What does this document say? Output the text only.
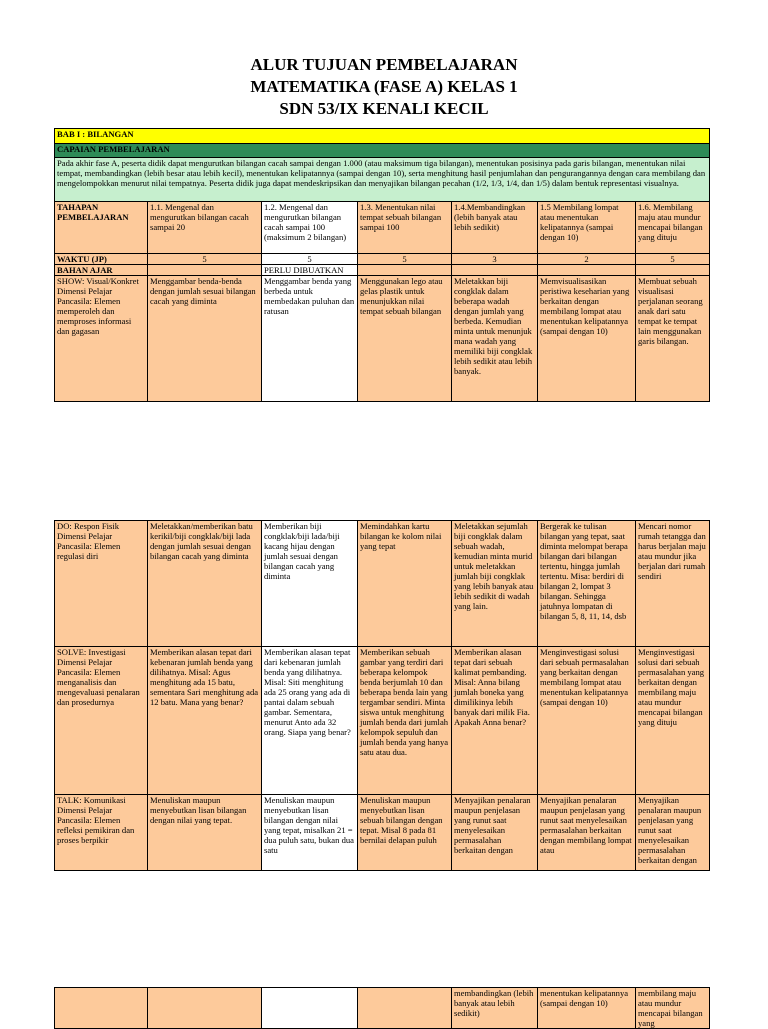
ALUR TUJUAN PEMBELAJARAN
MATEMATIKA (FASE A) KELAS 1
SDN 53/IX KENALI KECIL
BAB I : BILANGAN						
CAPAIAN PEMBELAJARAN						
Pada akhir fase A, peserta didik dapat mengurutkan bilangan cacah sampai dengan 1.000 (atau maksimum tiga bilangan), menentukan posisinya pada garis bilangan, menentukan nilai tempat, membandingkan (lebih besar atau lebih kecil), menentukan kelipatannya (sampai dengan 10), serta menghitung hasil penjumlahan dan pengurangannya dengan cara membilang dan mengelompokkan menurut nilai tempatnya. Peserta didik juga dapat mendeskripsikan dan menyajikan bilangan pecahan (1/2, 1/3, 1/4, dan 1/5) dalam bentuk representasi visualnya.						
TAHAPAN PEMBELAJARAN	1.1. Mengenal dan mengurutkan bilangan cacah sampai 20	1.2. Mengenal dan mengurutkan bilangan cacah sampai 100 (maksimum 2 bilangan)	1.3. Menentukan nilai tempat sebuah bilangan sampai 100	1.4.Membandingkan (lebih banyak atau lebih sedikit)	1.5 Membilang lompat atau menentukan kelipatannya (sampai dengan 10)	1.6. Membilang maju atau mundur mencapai bilangan yang dituju
WAKTU (JP)	5	5	5	3	2	5
BAHAN AJAR		PERLU DIBUATKAN				
SHOW: Visual/Konkret Dimensi Pelajar Pancasila: Elemen memperoleh dan memproses informasi dan gagasan	Menggambar benda-benda dengan jumlah sesuai bilangan cacah yang diminta	Menggambar benda yang berbeda untuk membedakan puluhan dan ratusan	Menggunakan lego atau gelas plastik untuk menunjukkan nilai tempat sebuah bilangan	Meletakkan biji congklak dalam beberapa wadah dengan jumlah yang berbeda. Kemudian minta untuk menunjuk mana wadah yang memiliki biji congklak lebih sedikit atau lebih banyak.	Memvisualisasikan peristiwa keseharian yang berkaitan dengan membilang lompat atau menentukan kelipatannya (sampai dengan 10)	Membuat sebuah visualisasi perjalanan seorang anak dari satu tempat ke tempat lain menggunakan garis bilangan.
DO: Respon Fisik Dimensi Pelajar Pancasila: Elemen regulasi diri	Meletakkan/memberikan batu kerikil/biji congklak/biji lada dengan jumlah sesuai dengan bilangan cacah yang diminta	Memberikan biji congklak/biji lada/biji kacang hijau dengan jumlah sesuai dengan bilangan cacah yang diminta	Memindahkan kartu bilangan ke kolom nilai yang tepat	Meletakkan sejumlah biji congklak dalam sebuah wadah, kemudian minta murid untuk meletakkan jumlah biji congklak yang lebih banyak atau lebih sedikit di wadah yang lain.	Bergerak ke tulisan bilangan yang tepat, saat diminta melompat berapa bilangan dari bilangan tertentu, hingga jumlah tertentu. Misa: berdiri di bilangan 2, lompat 3 bilangan. Sehingga jatuhnya lompatan di bilangan 5, 8, 11, 14, dsb	Mencari nomor rumah tetangga dan harus berjalan maju atau mundur jika berjalan dari rumah sendiri
SOLVE: Investigasi Dimensi Pelajar Pancasila: Elemen menganalisis dan mengevaluasi penalaran dan prosedurnya	Memberikan alasan tepat dari kebenaran jumlah benda yang dilihatnya. Misal: Agus menghitung ada 15 batu, sementara Sari menghitung ada 12 batu. Mana yang benar?	Memberikan alasan tepat dari kebenaran jumlah benda yang dilihatnya. Misal: Siti menghitung ada 25 orang yang ada di pantai dalam sebuah gambar. Sementara, menurut Anto ada 32 orang. Siapa yang benar?	Memberikan sebuah gambar yang terdiri dari beberapa kelompok benda berjumlah 10 dan beberapa benda lain yang tergambar sendiri. Minta siswa untuk menghitung jumlah benda dari jumlah kelompok sepuluh dan jumlah benda yang hanya satu atau dua.	Memberikan alasan tepat dari sebuah kalimat pembanding. Misal: Anna bilang jumlah boneka yang dimilikinya lebih banyak dari milik Fia. Apakah Anna benar?	Menginvestigasi solusi dari sebuah permasalahan yang berkaitan dengan membilang lompat atau menentukan kelipatannya (sampai dengan 10)	Menginvestigasi solusi dari sebuah permasalahan yang berkaitan dengan membilang maju atau mundur mencapai bilangan yang dituju
TALK: Komunikasi Dimensi Pelajar Pancasila: Elemen refleksi pemikiran dan proses berpikir	Menuliskan maupun menyebutkan lisan bilangan dengan nilai yang tepat.	Menuliskan maupun menyebutkan lisan bilangan dengan nilai yang tepat, misalkan 21 = dua puluh satu, bukan dua satu	Menuliskan maupun menyebutkan lisan sebuah bilangan dengan tepat. Misal 8 pada 81 bernilai delapan puluh	Menyajikan penalaran maupun penjelasan yang runut saat menyelesaikan permasalahan berkaitan dengan	Menyajikan penalaran maupun penjelasan yang runut saat menyelesaikan permasalahan berkaitan dengan membilang lompat atau	Menyajikan penalaran maupun penjelasan yang runut saat menyelesaikan permasalahan berkaitan dengan
				membandingkan (lebih banyak atau lebih sedikit)	menentukan kelipatannya (sampai dengan 10)	membilang maju atau mundur mencapai bilangan yang
